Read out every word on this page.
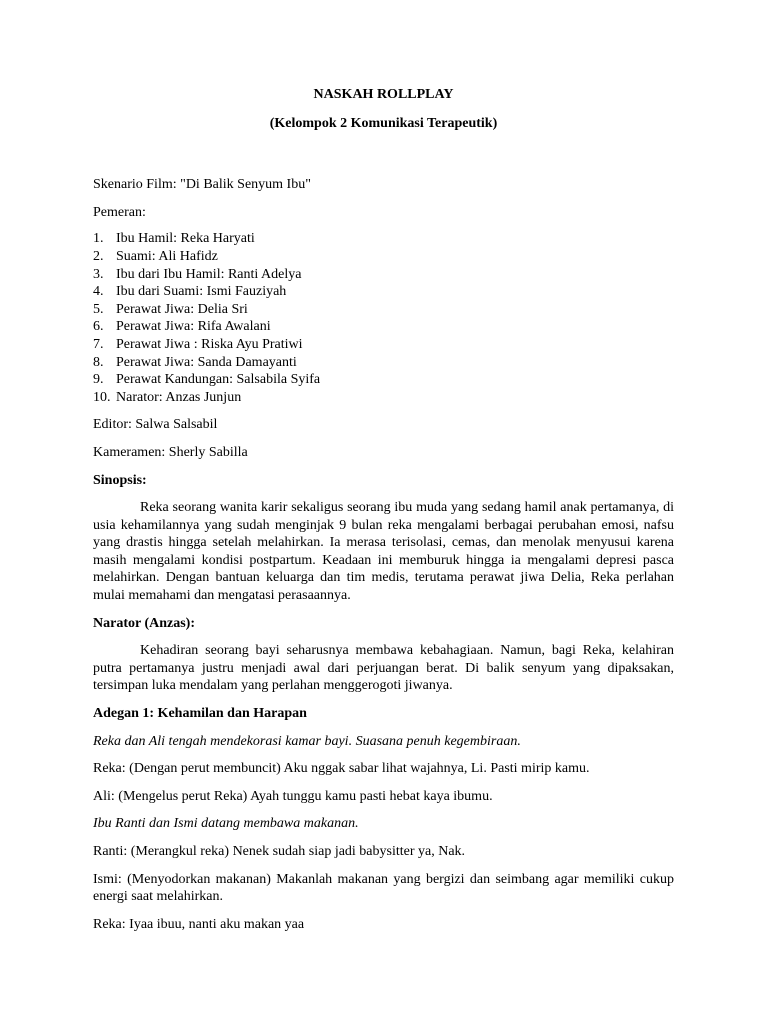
NASKAH ROLLPLAY

(Kelompok 2 Komunikasi Terapeutik)

Skenario Film: "Di Balik Senyum Ibu"

Pemeran:

1. Ibu Hamil: Reka Haryati
2. Suami: Ali Hafidz
3. Ibu dari Ibu Hamil: Ranti Adelya
4. Ibu dari Suami: Ismi Fauziyah
5. Perawat Jiwa: Delia Sri
6. Perawat Jiwa: Rifa Awalani
7. Perawat Jiwa : Riska Ayu Pratiwi
8. Perawat Jiwa: Sanda Damayanti
9. Perawat Kandungan: Salsabila Syifa
10. Narator: Anzas Junjun

Editor: Salwa Salsabil

Kameramen: Sherly Sabilla

Sinopsis:

Reka seorang wanita karir sekaligus seorang ibu muda yang sedang hamil anak pertamanya, di usia kehamilannya yang sudah menginjak 9 bulan reka mengalami berbagai perubahan emosi, nafsu yang drastis hingga setelah melahirkan. Ia merasa terisolasi, cemas, dan menolak menyusui karena masih mengalami kondisi postpartum. Keadaan ini memburuk hingga ia mengalami depresi pasca melahirkan. Dengan bantuan keluarga dan tim medis, terutama perawat jiwa Delia, Reka perlahan mulai memahami dan mengatasi perasaannya.

Narator (Anzas):

Kehadiran seorang bayi seharusnya membawa kebahagiaan. Namun, bagi Reka, kelahiran putra pertamanya justru menjadi awal dari perjuangan berat. Di balik senyum yang dipaksakan, tersimpan luka mendalam yang perlahan menggerogoti jiwanya.

Adegan 1: Kehamilan dan Harapan

Reka dan Ali tengah mendekorasi kamar bayi. Suasana penuh kegembiraan.

Reka: (Dengan perut membuncit) Aku nggak sabar lihat wajahnya, Li. Pasti mirip kamu.

Ali: (Mengelus perut Reka) Ayah tunggu kamu pasti hebat kaya ibumu.

Ibu Ranti dan Ismi datang membawa makanan.

Ranti: (Merangkul reka) Nenek sudah siap jadi babysitter ya, Nak.

Ismi: (Menyodorkan makanan) Makanlah makanan yang bergizi dan seimbang agar memiliki cukup energi saat melahirkan.

Reka: Iyaa ibuu, nanti aku makan yaa
